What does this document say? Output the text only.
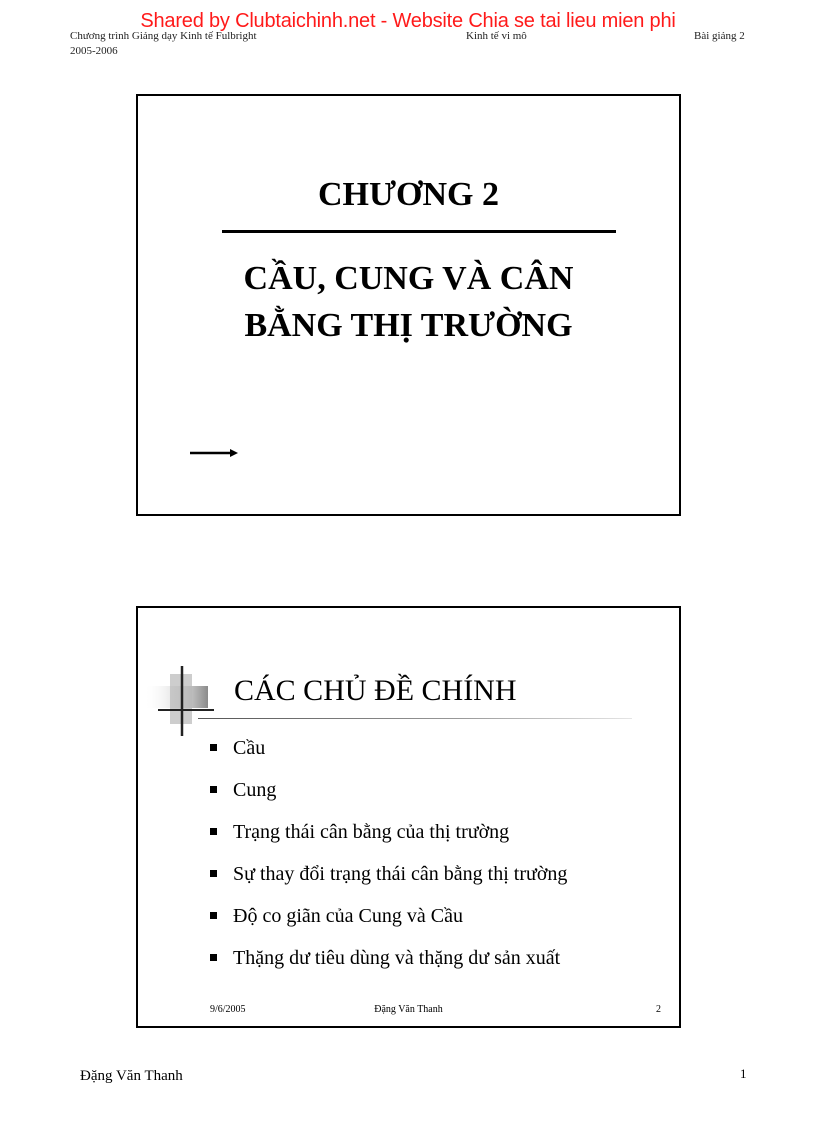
Chương trình Giảng dạy Kinh tế Fulbright
2005-2006
Kinh tế vi mô	Bài giảng 2
Shared by Clubtaichinh.net - Website Chia se tai lieu mien phi
CHƯƠNG 2
CẦU, CUNG VÀ CÂN
BẰNG THỊ TRƯỜNG
CÁC CHỦ ĐỀ CHÍNH
Cầu
Cung
Trạng thái cân bằng của thị trường
Sự thay đổi trạng thái cân bằng thị trường
Độ co giãn của Cung và Cầu
Thặng dư tiêu dùng và thặng dư sản xuất
9/6/2005	Đặng Văn Thanh	2
Đặng Văn Thanh	1
